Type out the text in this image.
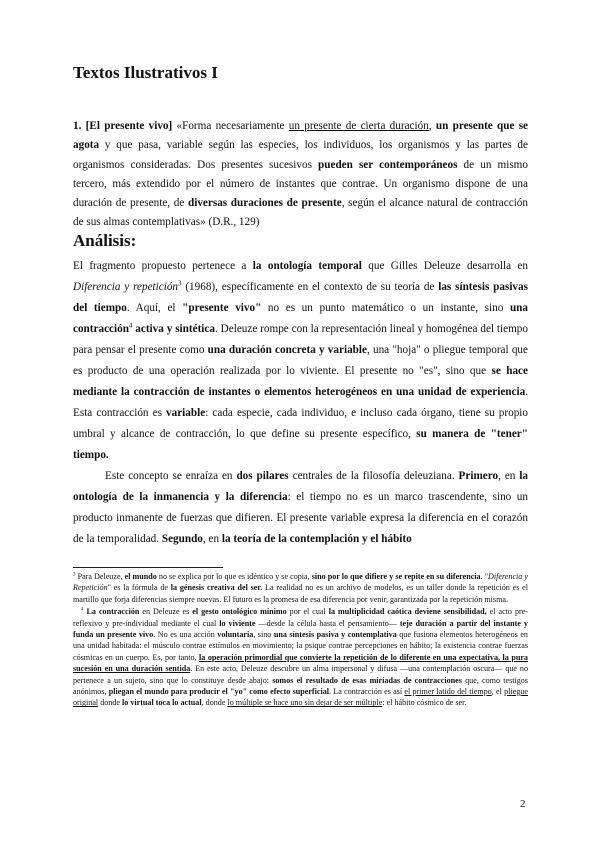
Textos Ilustrativos I

1. [El presente vivo] «Forma necesariamente un presente de cierta duración, un presente que se agota y que pasa, variable según las especies, los individuos, los organismos y las partes de organismos consideradas. Dos presentes sucesivos pueden ser contemporáneos de un mismo tercero, más extendido por el número de instantes que contrae. Un organismo dispone de una duración de presente, de diversas duraciones de presente, según el alcance natural de contracción de sus almas contemplativas» (D.R., 129)

Análisis:

El fragmento propuesto pertenece a la ontología temporal que Gilles Deleuze desarrolla en Diferencia y repetición$^3$ (1968), específicamente en el contexto de su teoría de las síntesis pasivas del tiempo. Aquí, el "presente vivo" no es un punto matemático o un instante, sino una contracción$^4$ activa y sintética. Deleuze rompe con la representación lineal y homogénea del tiempo para pensar el presente como una duración concreta y variable, una "hoja" o pliegue temporal que es producto de una operación realizada por lo viviente. El presente no "es", sino que se hace mediante la contracción de instantes o elementos heterogéneos en una unidad de experiencia. Esta contracción es variable: cada especie, cada individuo, e incluso cada órgano, tiene su propio umbral y alcance de contracción, lo que define su presente específico, su manera de "tener" tiempo.

Este concepto se enraíza en dos pilares centrales de la filosofía deleuziana. Primero, en la ontología de la inmanencia y la diferencia: el tiempo no es un marco trascendente, sino un producto inmanente de fuerzas que difieren. El presente variable expresa la diferencia en el corazón de la temporalidad. Segundo, en la teoría de la contemplación y el hábito

$^3$ Para Deleuze, el mundo no se explica por lo que es idéntico y se copia, sino por lo que difiere y se repite en su diferencia. "Diferencia y Repetición" es la fórmula de la génesis creativa del ser. La realidad no es un archivo de modelos, es un taller donde la repetición es el martillo que forja diferencias siempre nuevas. El futuro es la promesa de esa diferencia por venir, garantizada por la repetición misma.

$^4$ La contracción en Deleuze es el gesto ontológico mínimo por el cual la multiplicidad caótica deviene sensibilidad, el acto pre-reflexivo y pre-individual mediante el cual lo viviente —desde la célula hasta el pensamiento— teje duración a partir del instante y funda un presente vivo. No es una acción voluntaria, sino una síntesis pasiva y contemplativa que fusiona elementos heterogéneos en una unidad habitada: el músculo contrae estímulos en movimiento; la psique contrae percepciones en hábito; la existencia contrae fuerzas cósmicas en un cuerpo. Es, por tanto, la operación primordial que convierte la repetición de lo diferente en una expectativa, la pura sucesión en una duración sentida. En este acto, Deleuze descubre un alma impersonal y difusa —una contemplación oscura— que no pertenece a un sujeto, sino que lo constituye desde abajo: somos el resultado de esas miríadas de contracciones que, como testigos anónimos, pliegan el mundo para producir el "yo" como efecto superficial. La contracción es así el primer latido del tiempo, el pliegue original donde lo virtual toca lo actual, donde lo múltiple se hace uno sin dejar de ser múltiple: el hábito cósmico de ser.

2
